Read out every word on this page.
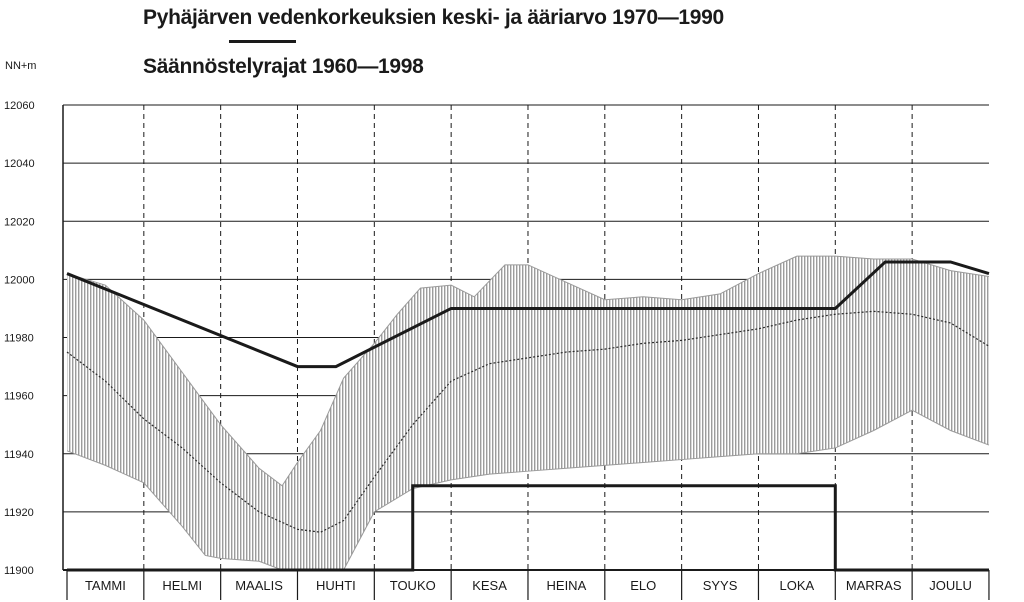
Pyhäjärven vedenkorkeuksien keski- ja ääriarvo 1970—1990
Säännöstelyrajat 1960—1998
NN+m
11900
11920
11940
11960
11980
12000
12020
12040
12060
TAMMI	HELMI	MAALIS	HUHTI	TOUKO	KESA	HEINA	ELO	SYYS	LOKA MARRAS JOULU
